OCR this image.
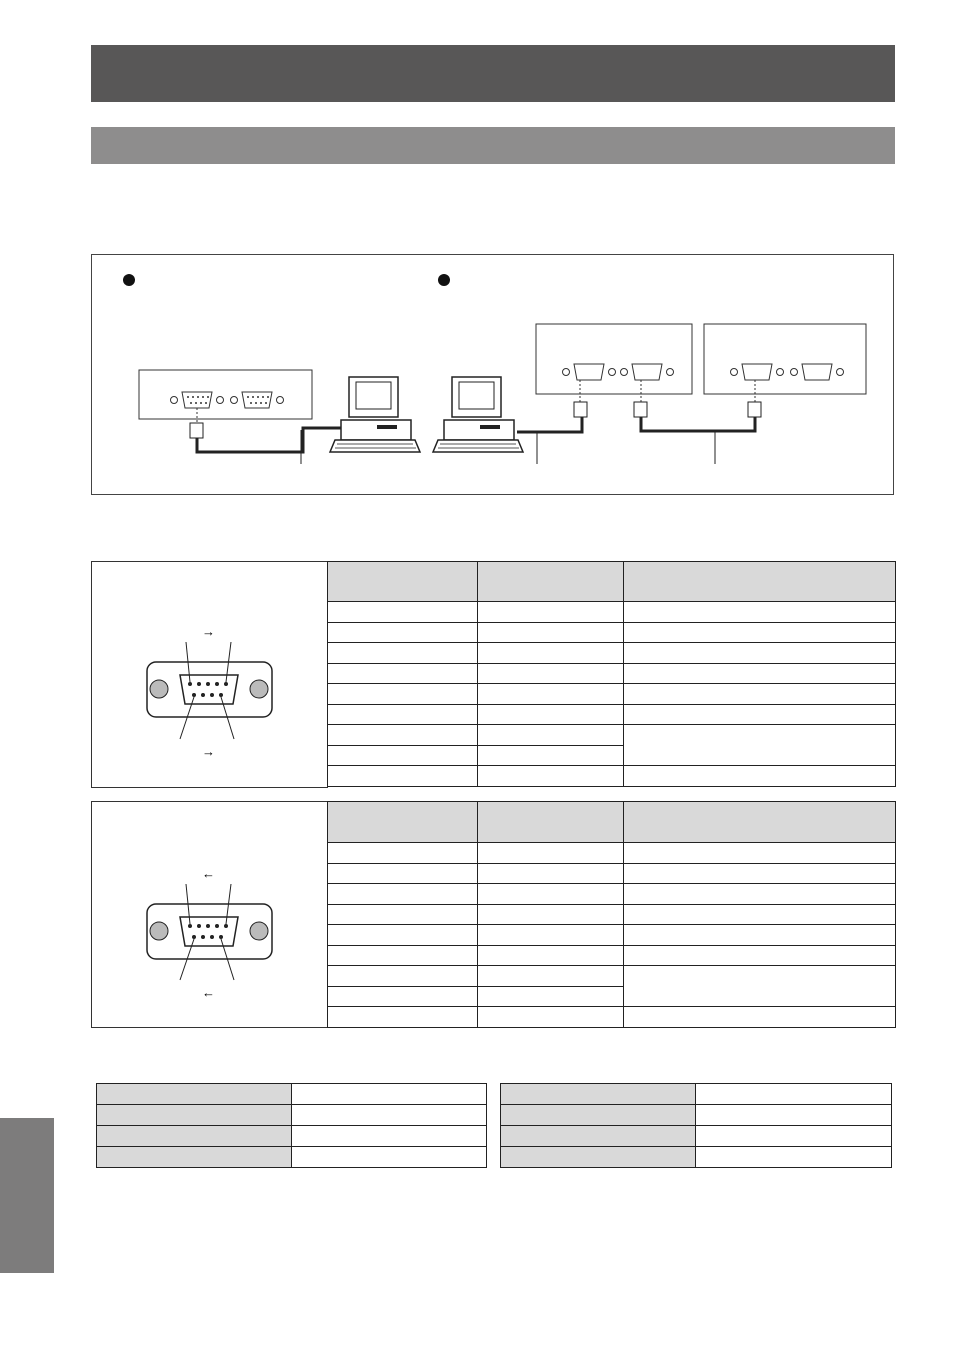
→
→

←
←
